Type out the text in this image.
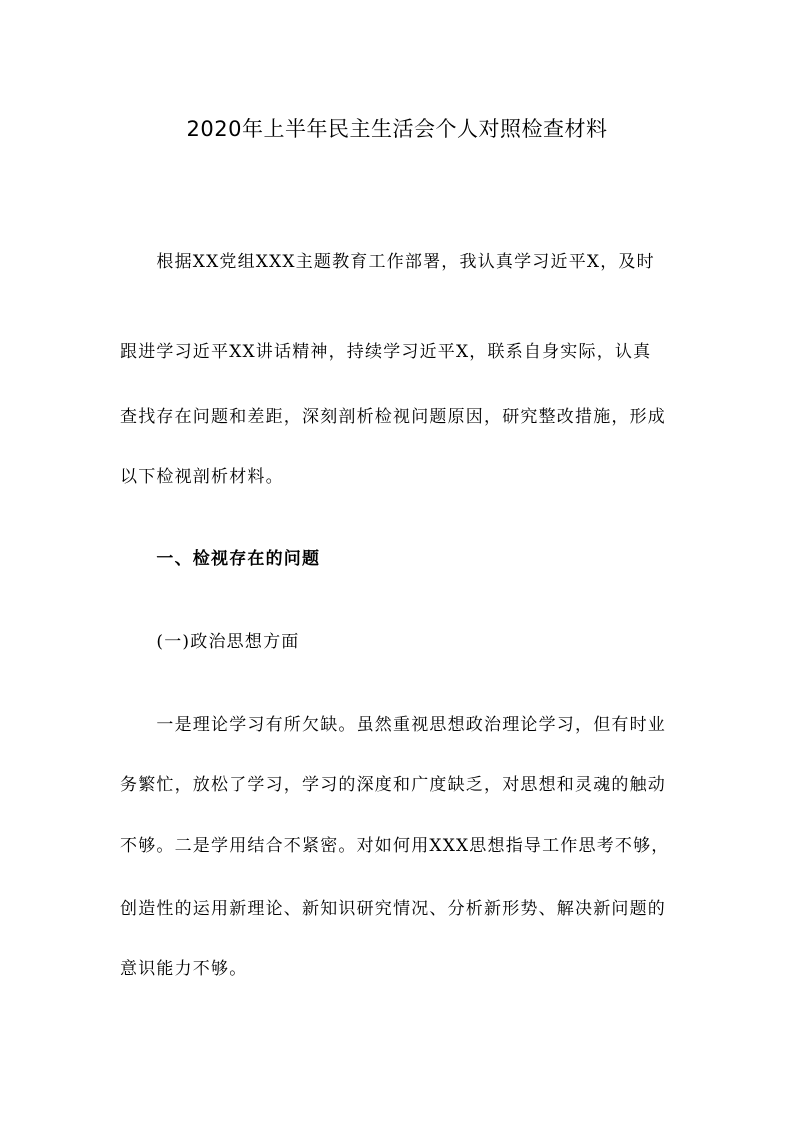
2020年上半年民主生活会个人对照检查材料
　　根据XX党组XXX主题教育工作部署，我认真学习近平X，及时
跟进学习近平XX讲话精神，持续学习近平X，联系自身实际，认真
查找存在问题和差距，深刻剖析检视问题原因，研究整改措施，形成
以下检视剖析材料。
　　一、检视存在的问题
　　(一)政治思想方面
　　一是理论学习有所欠缺。虽然重视思想政治理论学习，但有时业
务繁忙，放松了学习，学习的深度和广度缺乏，对思想和灵魂的触动
不够。二是学用结合不紧密。对如何用XXX思想指导工作思考不够，
创造性的运用新理论、新知识研究情况、分析新形势、解决新问题的
意识能力不够。
